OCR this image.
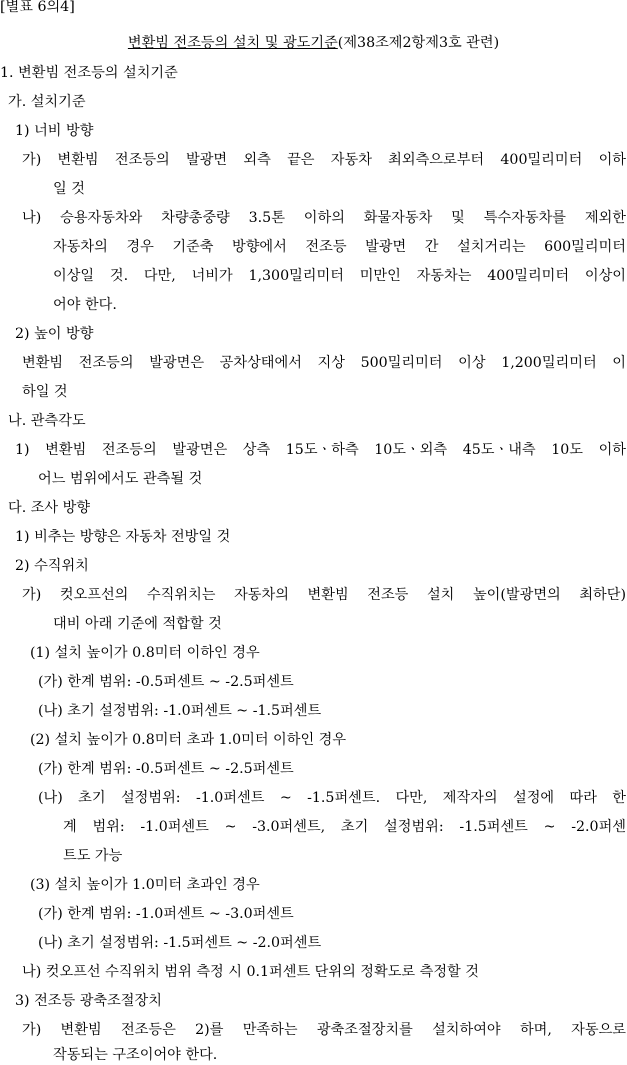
[별표 6의4]
변환빔 전조등의 설치 및 광도기준(제38조제2항제3호 관련)
1. 변환빔 전조등의 설치기준
가. 설치기준
1) 너비 방향
가) 변환빔 전조등의 발광면 외측 끝은 자동차 최외측으로부터 400밀리미터 이하
일 것
나) 승용자동차와 차량총중량 3.5톤 이하의 화물자동차 및 특수자동차를 제외한
자동차의 경우 기준축 방향에서 전조등 발광면 간 설치거리는 600밀리미터
이상일 것. 다만, 너비가 1,300밀리미터 미만인 자동차는 400밀리미터 이상이
어야 한다.
2) 높이 방향
변환빔 전조등의 발광면은 공차상태에서 지상 500밀리미터 이상 1,200밀리미터 이
하일 것
나. 관측각도
1) 변환빔 전조등의 발광면은 상측 15도ㆍ하측 10도ㆍ외측 45도ㆍ내측 10도 이하
어느 범위에서도 관측될 것
다. 조사 방향
1) 비추는 방향은 자동차 전방일 것
2) 수직위치
가) 컷오프선의 수직위치는 자동차의 변환빔 전조등 설치 높이(발광면의 최하단)
대비 아래 기준에 적합할 것
(1) 설치 높이가 0.8미터 이하인 경우
(가) 한계 범위: -0.5퍼센트 ~ -2.5퍼센트
(나) 초기 설정범위: -1.0퍼센트 ~ -1.5퍼센트
(2) 설치 높이가 0.8미터 초과 1.0미터 이하인 경우
(가) 한계 범위: -0.5퍼센트 ~ -2.5퍼센트
(나) 초기 설정범위: -1.0퍼센트 ~ -1.5퍼센트. 다만, 제작자의 설정에 따라 한
계 범위: -1.0퍼센트 ~ -3.0퍼센트, 초기 설정범위: -1.5퍼센트 ~ -2.0퍼센
트도 가능
(3) 설치 높이가 1.0미터 초과인 경우
(가) 한계 범위: -1.0퍼센트 ~ -3.0퍼센트
(나) 초기 설정범위: -1.5퍼센트 ~ -2.0퍼센트
나) 컷오프선 수직위치 범위 측정 시 0.1퍼센트 단위의 정확도로 측정할 것
3) 전조등 광축조절장치
가) 변환빔 전조등은 2)를 만족하는 광축조절장치를 설치하여야 하며, 자동으로
작동되는 구조이어야 한다.
